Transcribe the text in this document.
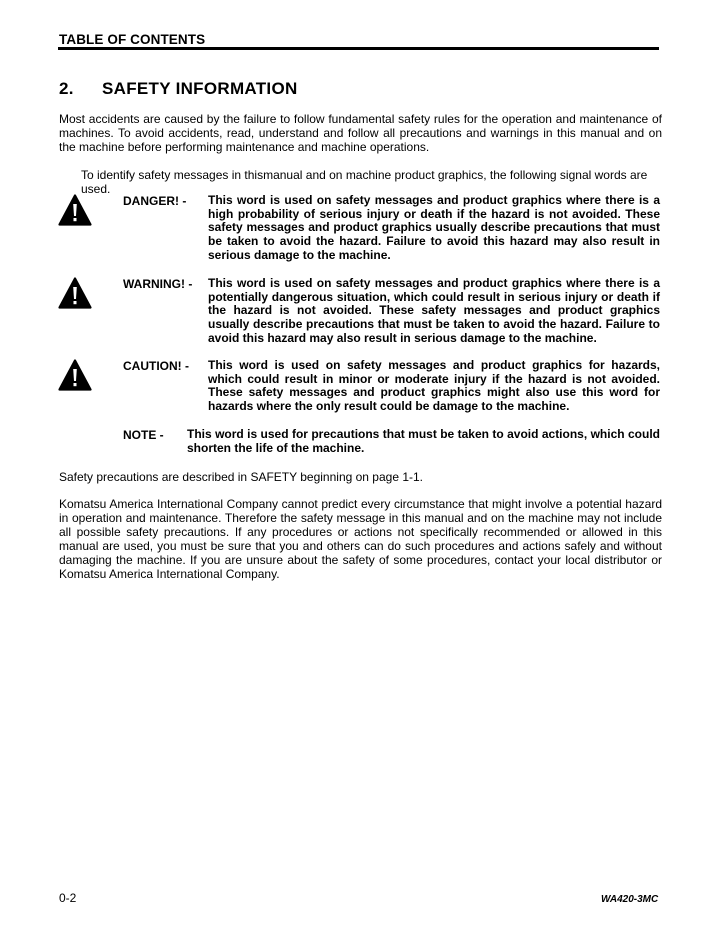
TABLE OF CONTENTS
2. SAFETY INFORMATION
Most accidents are caused by the failure to follow fundamental safety rules for the operation and maintenance of machines. To avoid accidents, read, understand and follow all precautions and warnings in this manual and on the machine before performing maintenance and machine operations.
To identify safety messages in thismanual and on machine product graphics, the following signal words are used.
DANGER! - This word is used on safety messages and product graphics where there is a high probability of serious injury or death if the hazard is not avoided. These safety messages and product graphics usually describe precautions that must be taken to avoid the hazard. Failure to avoid this hazard may also result in serious damage to the machine.
WARNING! - This word is used on safety messages and product graphics where there is a potentially dangerous situation, which could result in serious injury or death if the hazard is not avoided. These safety messages and product graphics usually describe precautions that must be taken to avoid the hazard. Failure to avoid this hazard may also result in serious damage to the machine.
CAUTION! - This word is used on safety messages and product graphics for hazards, which could result in minor or moderate injury if the hazard is not avoided. These safety messages and product graphics might also use this word for hazards where the only result could be damage to the machine.
NOTE - This word is used for precautions that must be taken to avoid actions, which could shorten the life of the machine.
Safety precautions are described in SAFETY beginning on page 1-1.
Komatsu America International Company cannot predict every circumstance that might involve a potential hazard in operation and maintenance. Therefore the safety message in this manual and on the machine may not include all possible safety precautions. If any procedures or actions not specifically recommended or allowed in this manual are used, you must be sure that you and others can do such procedures and actions safely and without damaging the machine. If you are unsure about the safety of some procedures, contact your local distributor or Komatsu America International Company.
0-2	WA420-3MC
